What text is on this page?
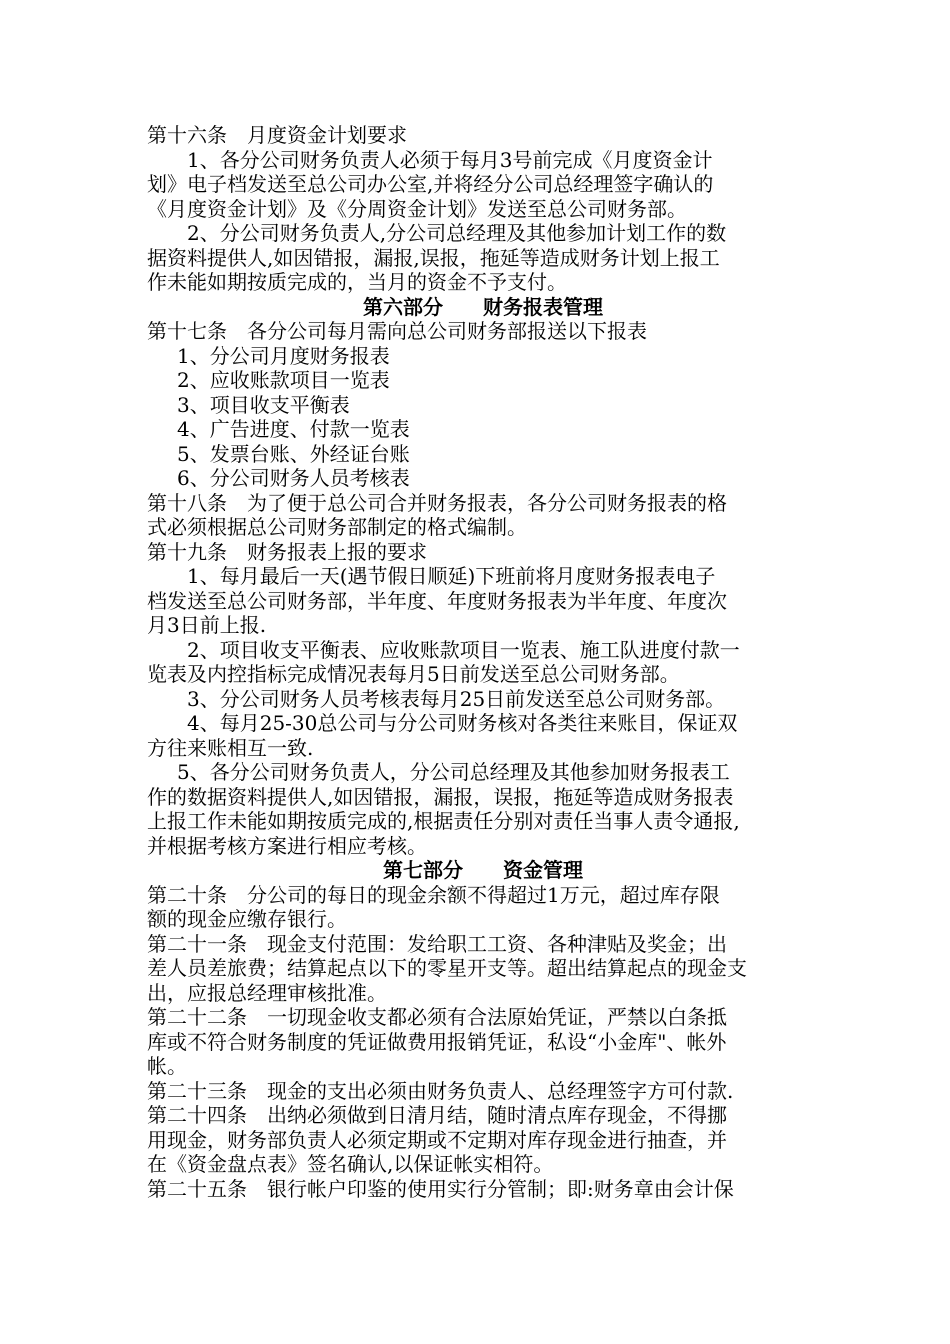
第十六条　月度资金计划要求

1、各分公司财务负责人必须于每月3号前完成《月度资金计

划》电子档发送至总公司办公室,并将经分公司总经理签字确认的

《月度资金计划》及《分周资金计划》发送至总公司财务部。

2、分公司财务负责人,分公司总经理及其他参加计划工作的数

据资料提供人,如因错报，漏报,误报，拖延等造成财务计划上报工

作未能如期按质完成的，当月的资金不予支付。

第六部分　　财务报表管理

第十七条　各分公司每月需向总公司财务部报送以下报表

1、分公司月度财务报表

2、应收账款项目一览表

3、项目收支平衡表

4、广告进度、付款一览表

5、发票台账、外经证台账

6、分公司财务人员考核表

第十八条　为了便于总公司合并财务报表，各分公司财务报表的格

式必须根据总公司财务部制定的格式编制。

第十九条　财务报表上报的要求

1、每月最后一天(遇节假日顺延)下班前将月度财务报表电子

档发送至总公司财务部，半年度、年度财务报表为半年度、年度次

月3日前上报.

2、项目收支平衡表、应收账款项目一览表、施工队进度付款一

览表及内控指标完成情况表每月5日前发送至总公司财务部。

3、分公司财务人员考核表每月25日前发送至总公司财务部。

4、每月25-30总公司与分公司财务核对各类往来账目，保证双

方往来账相互一致.

5、各分公司财务负责人，分公司总经理及其他参加财务报表工

作的数据资料提供人,如因错报，漏报，误报，拖延等造成财务报表

上报工作未能如期按质完成的,根据责任分别对责任当事人责令通报,

并根据考核方案进行相应考核。

第七部分　　资金管理

第二十条　分公司的每日的现金余额不得超过1万元，超过库存限

额的现金应缴存银行。

第二十一条　现金支付范围：发给职工工资、各种津贴及奖金；出

差人员差旅费；结算起点以下的零星开支等。超出结算起点的现金支

出，应报总经理审核批准。

第二十二条　一切现金收支都必须有合法原始凭证，严禁以白条抵

库或不符合财务制度的凭证做费用报销凭证，私设“小金库"、帐外

帐。

第二十三条　现金的支出必须由财务负责人、总经理签字方可付款.

第二十四条　出纳必须做到日清月结，随时清点库存现金，不得挪

用现金，财务部负责人必须定期或不定期对库存现金进行抽查，并

在《资金盘点表》签名确认,以保证帐实相符。

第二十五条　银行帐户印鉴的使用实行分管制；即:财务章由会计保
